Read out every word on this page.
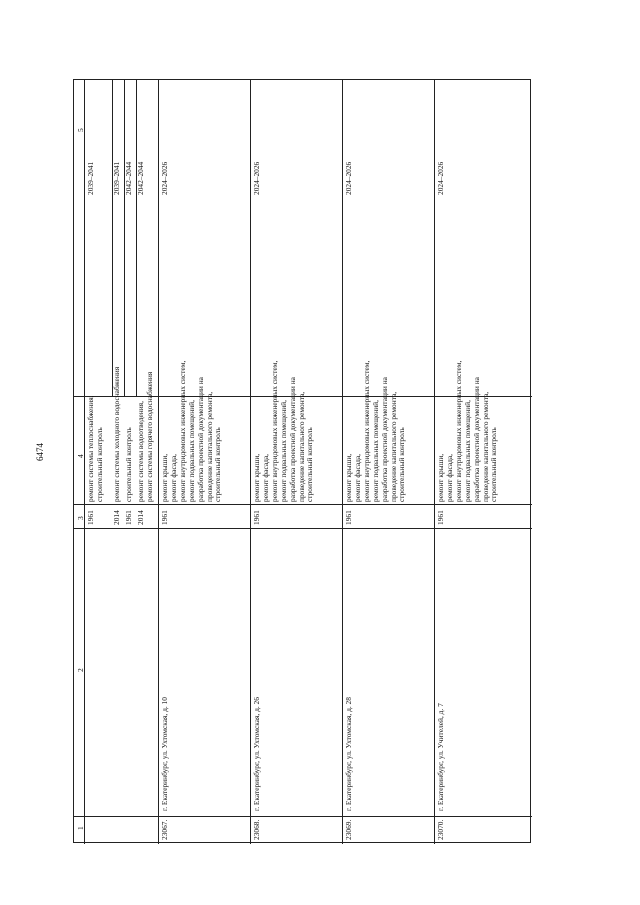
6474
5
4
3
2
1
1961
ремонт системы теплоснабжения, строительный контроль
2039–2041
2014
ремонт системы холодного водоснабжения
2039–2041
1961
строительный контроль
2042–2044
2014
ремонт системы водоотведения, ремонт системы горячего водоснабжения
2042–2044
23067.
г. Екатеринбург, ул. Ухтомская, д. 10
1961
ремонт крыши, ремонт фасада, ремонт внутридомовых инженерных систем, ремонт подвальных помещений, разработка проектной документации на проведение капитального ремонта, строительный контроль
2024–2026
23068.
г. Екатеринбург, ул. Ухтомская, д. 26
1961
ремонт крыши, ремонт фасада, ремонт внутридомовых инженерных систем, ремонт подвальных помещений, разработка проектной документации на проведение капитального ремонта, строительный контроль
2024–2026
23069.
г. Екатеринбург, ул. Ухтомская, д. 28
1961
ремонт крыши, ремонт фасада, ремонт внутридомовых инженерных систем, ремонт подвальных помещений, разработка проектной документации на проведение капитального ремонта, строительный контроль
2024–2026
23070.
г. Екатеринбург, ул. Учителей, д. 7
1961
ремонт крыши, ремонт фасада, ремонт внутридомовых инженерных систем, ремонт подвальных помещений, разработка проектной документации на проведение капитального ремонта, строительный контроль
2024–2026
